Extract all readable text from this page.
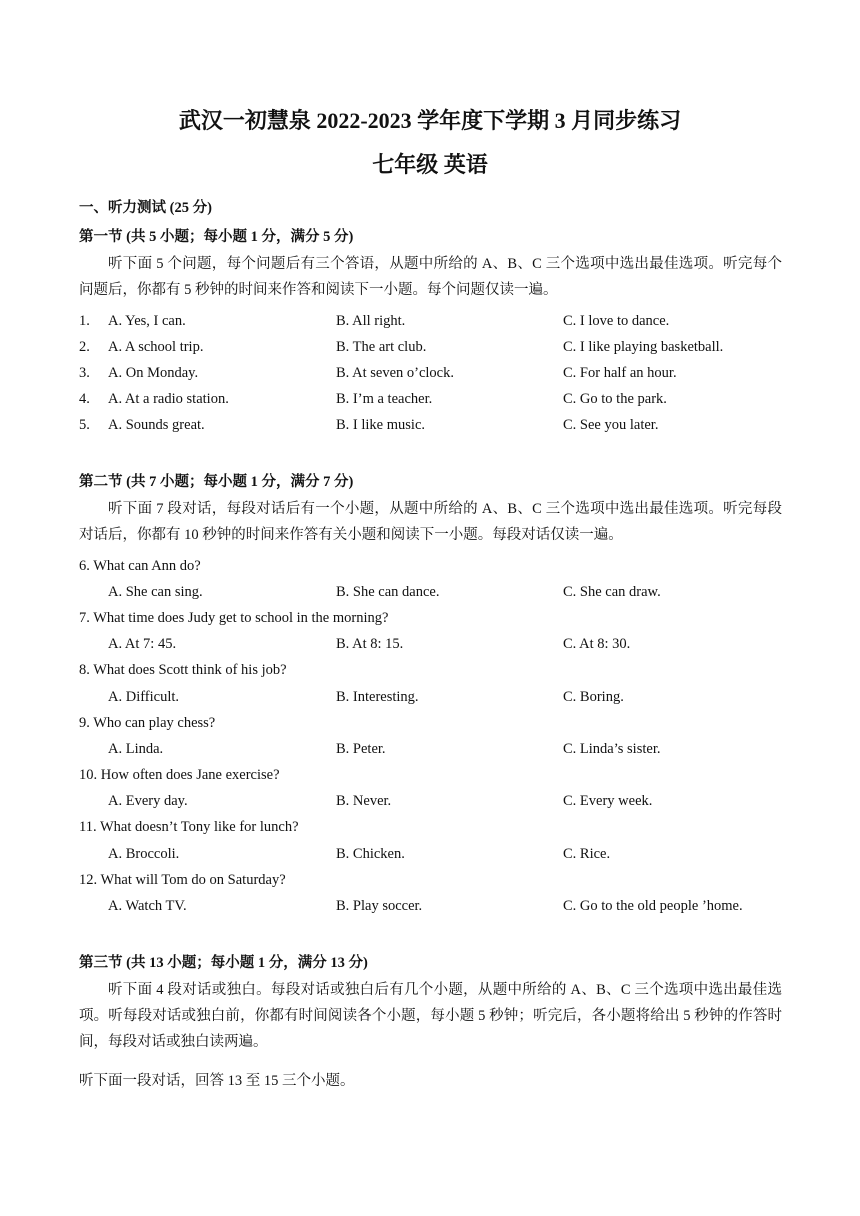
武汉一初慧泉 2022-2023 学年度下学期 3 月同步练习
七年级 英语
一、听力测试 (25 分)
第一节 (共 5 小题；每小题 1 分，满分 5 分)
听下面 5 个问题，每个问题后有三个答语，从题中所给的 A、B、C 三个选项中选出最佳选项。听完每个问题后，你都有 5 秒钟的时间来作答和阅读下一小题。每个问题仅读一遍。
1. A. Yes, I can.	B. All right.	C. I love to dance.
2. A. A school trip.	B. The art club.	C. I like playing basketball.
3. A. On Monday.	B. At seven o’clock.	C. For half an hour.
4. A. At a radio station.	B. I’m a teacher.	C. Go to the park.
5. A. Sounds great.	B. I like music.	C. See you later.
第二节 (共 7 小题；每小题 1 分，满分 7 分)
听下面 7 段对话，每段对话后有一个小题，从题中所给的 A、B、C 三个选项中选出最佳选项。听完每段对话后，你都有 10 秒钟的时间来作答有关小题和阅读下一小题。每段对话仅读一遍。
6. What can Ann do?
A. She can sing.	B. She can dance.	C. She can draw.
7. What time does Judy get to school in the morning?
A. At 7: 45.	B. At 8: 15.	C. At 8: 30.
8. What does Scott think of his job?
A. Difficult.	B. Interesting.	C. Boring.
9. Who can play chess?
A. Linda.	B. Peter.	C. Linda’s sister.
10. How often does Jane exercise?
A. Every day.	B. Never.	C. Every week.
11. What doesn’t Tony like for lunch?
A. Broccoli.	B. Chicken.	C. Rice.
12. What will Tom do on Saturday?
A. Watch TV.	B. Play soccer.	C. Go to the old people ’home.
第三节 (共 13 小题；每小题 1 分，满分 13 分)
听下面 4 段对话或独白。每段对话或独白后有几个小题，从题中所给的 A、B、C 三个选项中选出最佳选项。听每段对话或独白前，你都有时间阅读各个小题，每小题 5 秒钟；听完后，各小题将给出 5 秒钟的作答时间，每段对话或独白读两遍。
听下面一段对话，回答 13 至 15 三个小题。
